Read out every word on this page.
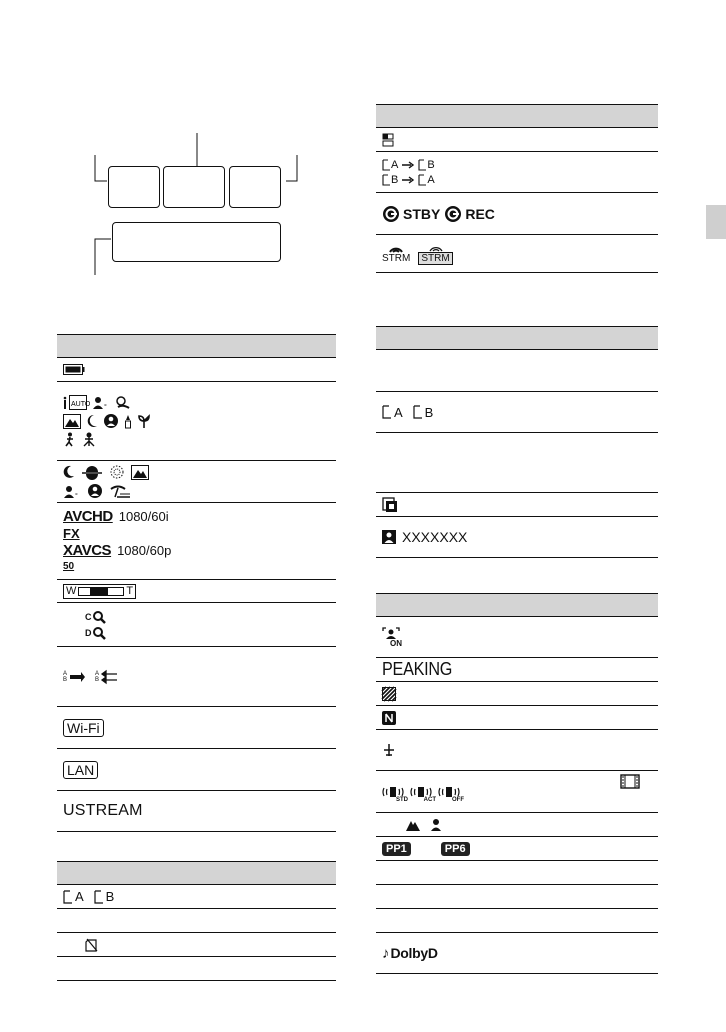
AUTO °
°
AVCHD 1080/60i
FX
XAVCS 1080/60p
50
W	T
C
D
A B
A B
Wi-Fi
LAN
USTREAM
A B
A	B
B	A
STBY REC
STRM	STRM
A B
XXXXXXX
ON
PEAKING
STD	ACT	OFF
PP1	PP6
♪ DolbyD
